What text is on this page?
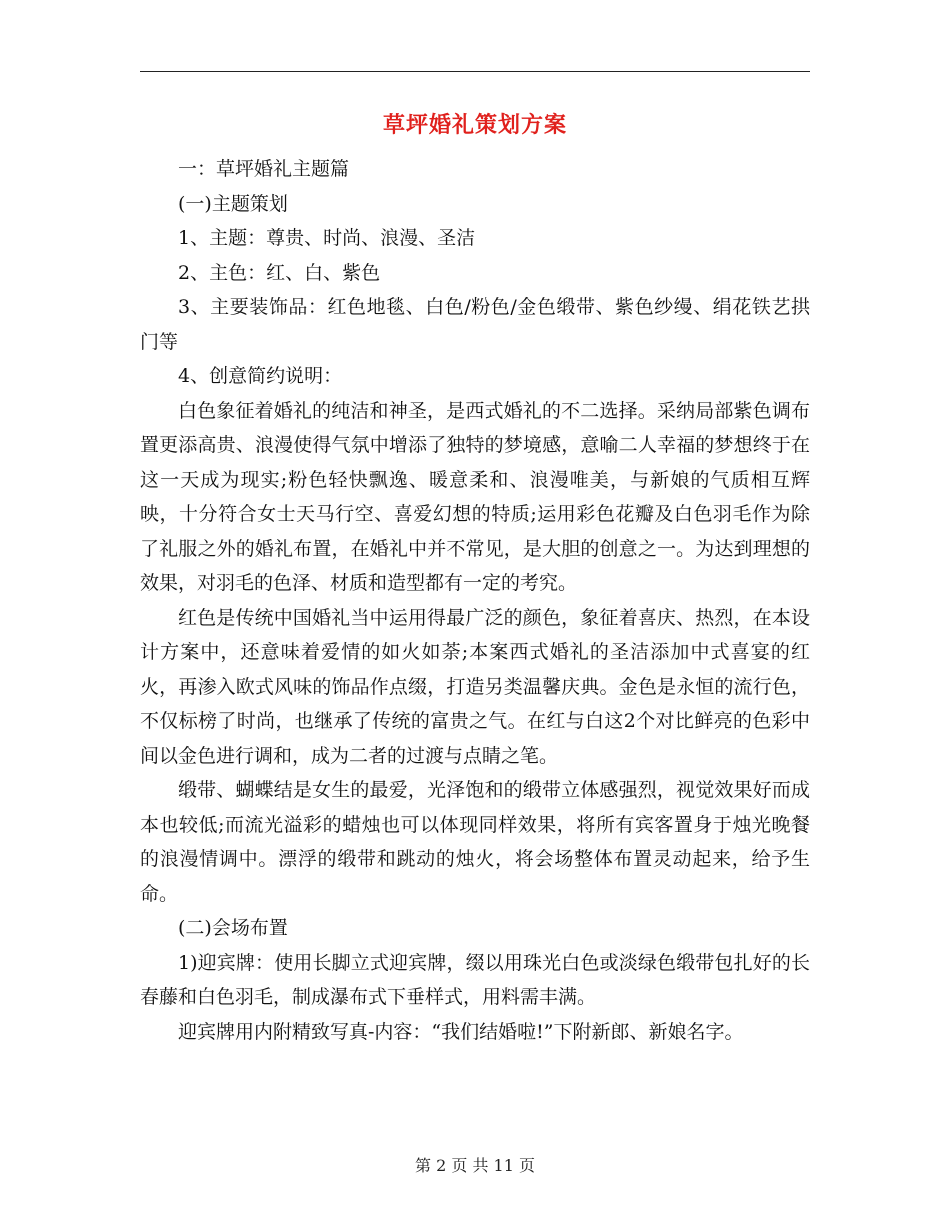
草坪婚礼策划方案

一：草坪婚礼主题篇

(一)主题策划

1、主题：尊贵、时尚、浪漫、圣洁

2、主色：红、白、紫色

3、主要装饰品：红色地毯、白色/粉色/金色缎带、紫色纱缦、绢花铁艺拱门等

4、创意简约说明：

白色象征着婚礼的纯洁和神圣，是西式婚礼的不二选择。采纳局部紫色调布置更添高贵、浪漫使得气氛中增添了独特的梦境感，意喻二人幸福的梦想终于在这一天成为现实;粉色轻快飘逸、暖意柔和、浪漫唯美，与新娘的气质相互辉映，十分符合女士天马行空、喜爱幻想的特质;运用彩色花瓣及白色羽毛作为除了礼服之外的婚礼布置，在婚礼中并不常见，是大胆的创意之一。为达到理想的效果，对羽毛的色泽、材质和造型都有一定的考究。

红色是传统中国婚礼当中运用得最广泛的颜色，象征着喜庆、热烈，在本设计方案中，还意味着爱情的如火如荼;本案西式婚礼的圣洁添加中式喜宴的红火，再渗入欧式风味的饰品作点缀，打造另类温馨庆典。金色是永恒的流行色，不仅标榜了时尚，也继承了传统的富贵之气。在红与白这2个对比鲜亮的色彩中间以金色进行调和，成为二者的过渡与点睛之笔。

缎带、蝴蝶结是女生的最爱，光泽饱和的缎带立体感强烈，视觉效果好而成本也较低;而流光溢彩的蜡烛也可以体现同样效果，将所有宾客置身于烛光晚餐的浪漫情调中。漂浮的缎带和跳动的烛火，将会场整体布置灵动起来，给予生命。

(二)会场布置

1)迎宾牌：使用长脚立式迎宾牌，缀以用珠光白色或淡绿色缎带包扎好的长春藤和白色羽毛，制成瀑布式下垂样式，用料需丰满。

迎宾牌用内附精致写真-内容：“我们结婚啦!”下附新郎、新娘名字。

第 2 页 共 11 页
